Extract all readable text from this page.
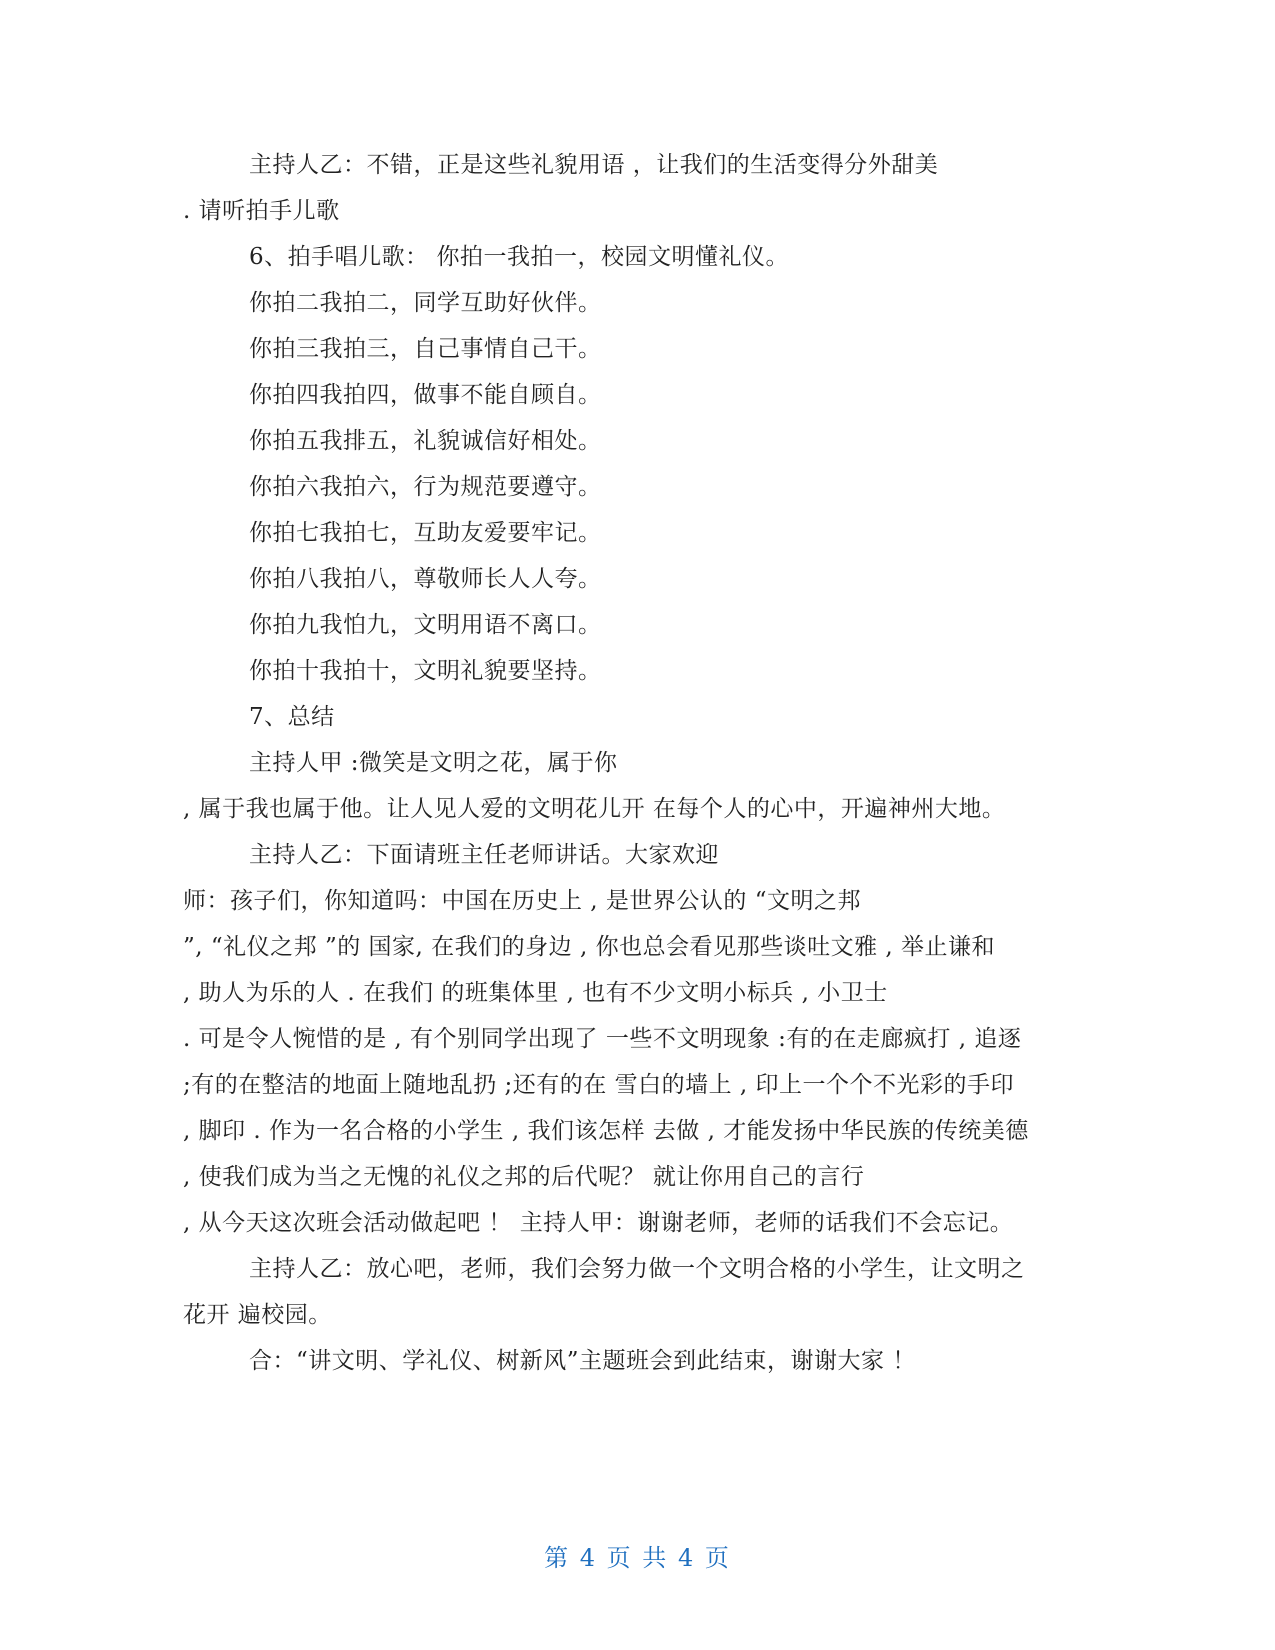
主持人乙：不错，正是这些礼貌用语 ，让我们的生活变得分外甜美
. 请听拍手儿歌
6、拍手唱儿歌： 你拍一我拍一，校园文明懂礼仪。
你拍二我拍二，同学互助好伙伴。
你拍三我拍三，自己事情自己干。
你拍四我拍四，做事不能自顾自。
你拍五我排五，礼貌诚信好相处。
你拍六我拍六，行为规范要遵守。
你拍七我拍七，互助友爱要牢记。
你拍八我拍八，尊敬师长人人夸。
你拍九我怕九，文明用语不离口。
你拍十我拍十，文明礼貌要坚持。
7、总结
主持人甲 :微笑是文明之花，属于你
, 属于我也属于他。让人见人爱的文明花儿开 在每个人的心中，开遍神州大地。
主持人乙：下面请班主任老师讲话。大家欢迎
师：孩子们，你知道吗：中国在历史上 , 是世界公认的 “文明之邦
”, “礼仪之邦 ”的 国家, 在我们的身边 , 你也总会看见那些谈吐文雅 , 举止谦和
, 助人为乐的人 . 在我们 的班集体里 , 也有不少文明小标兵 , 小卫士
. 可是令人惋惜的是 , 有个别同学出现了 一些不文明现象 :有的在走廊疯打 , 追逐
;有的在整洁的地面上随地乱扔 ;还有的在 雪白的墙上 , 印上一个个不光彩的手印
, 脚印 . 作为一名合格的小学生 , 我们该怎样 去做 , 才能发扬中华民族的传统美德
, 使我们成为当之无愧的礼仪之邦的后代呢？ 就让你用自己的言行
, 从今天这次班会活动做起吧 ！ 主持人甲：谢谢老师，老师的话我们不会忘记。
主持人乙：放心吧，老师，我们会努力做一个文明合格的小学生，让文明之
花开 遍校园。
合：“讲文明、学礼仪、树新风”主题班会到此结束，谢谢大家 ！
第 4 页 共 4 页
